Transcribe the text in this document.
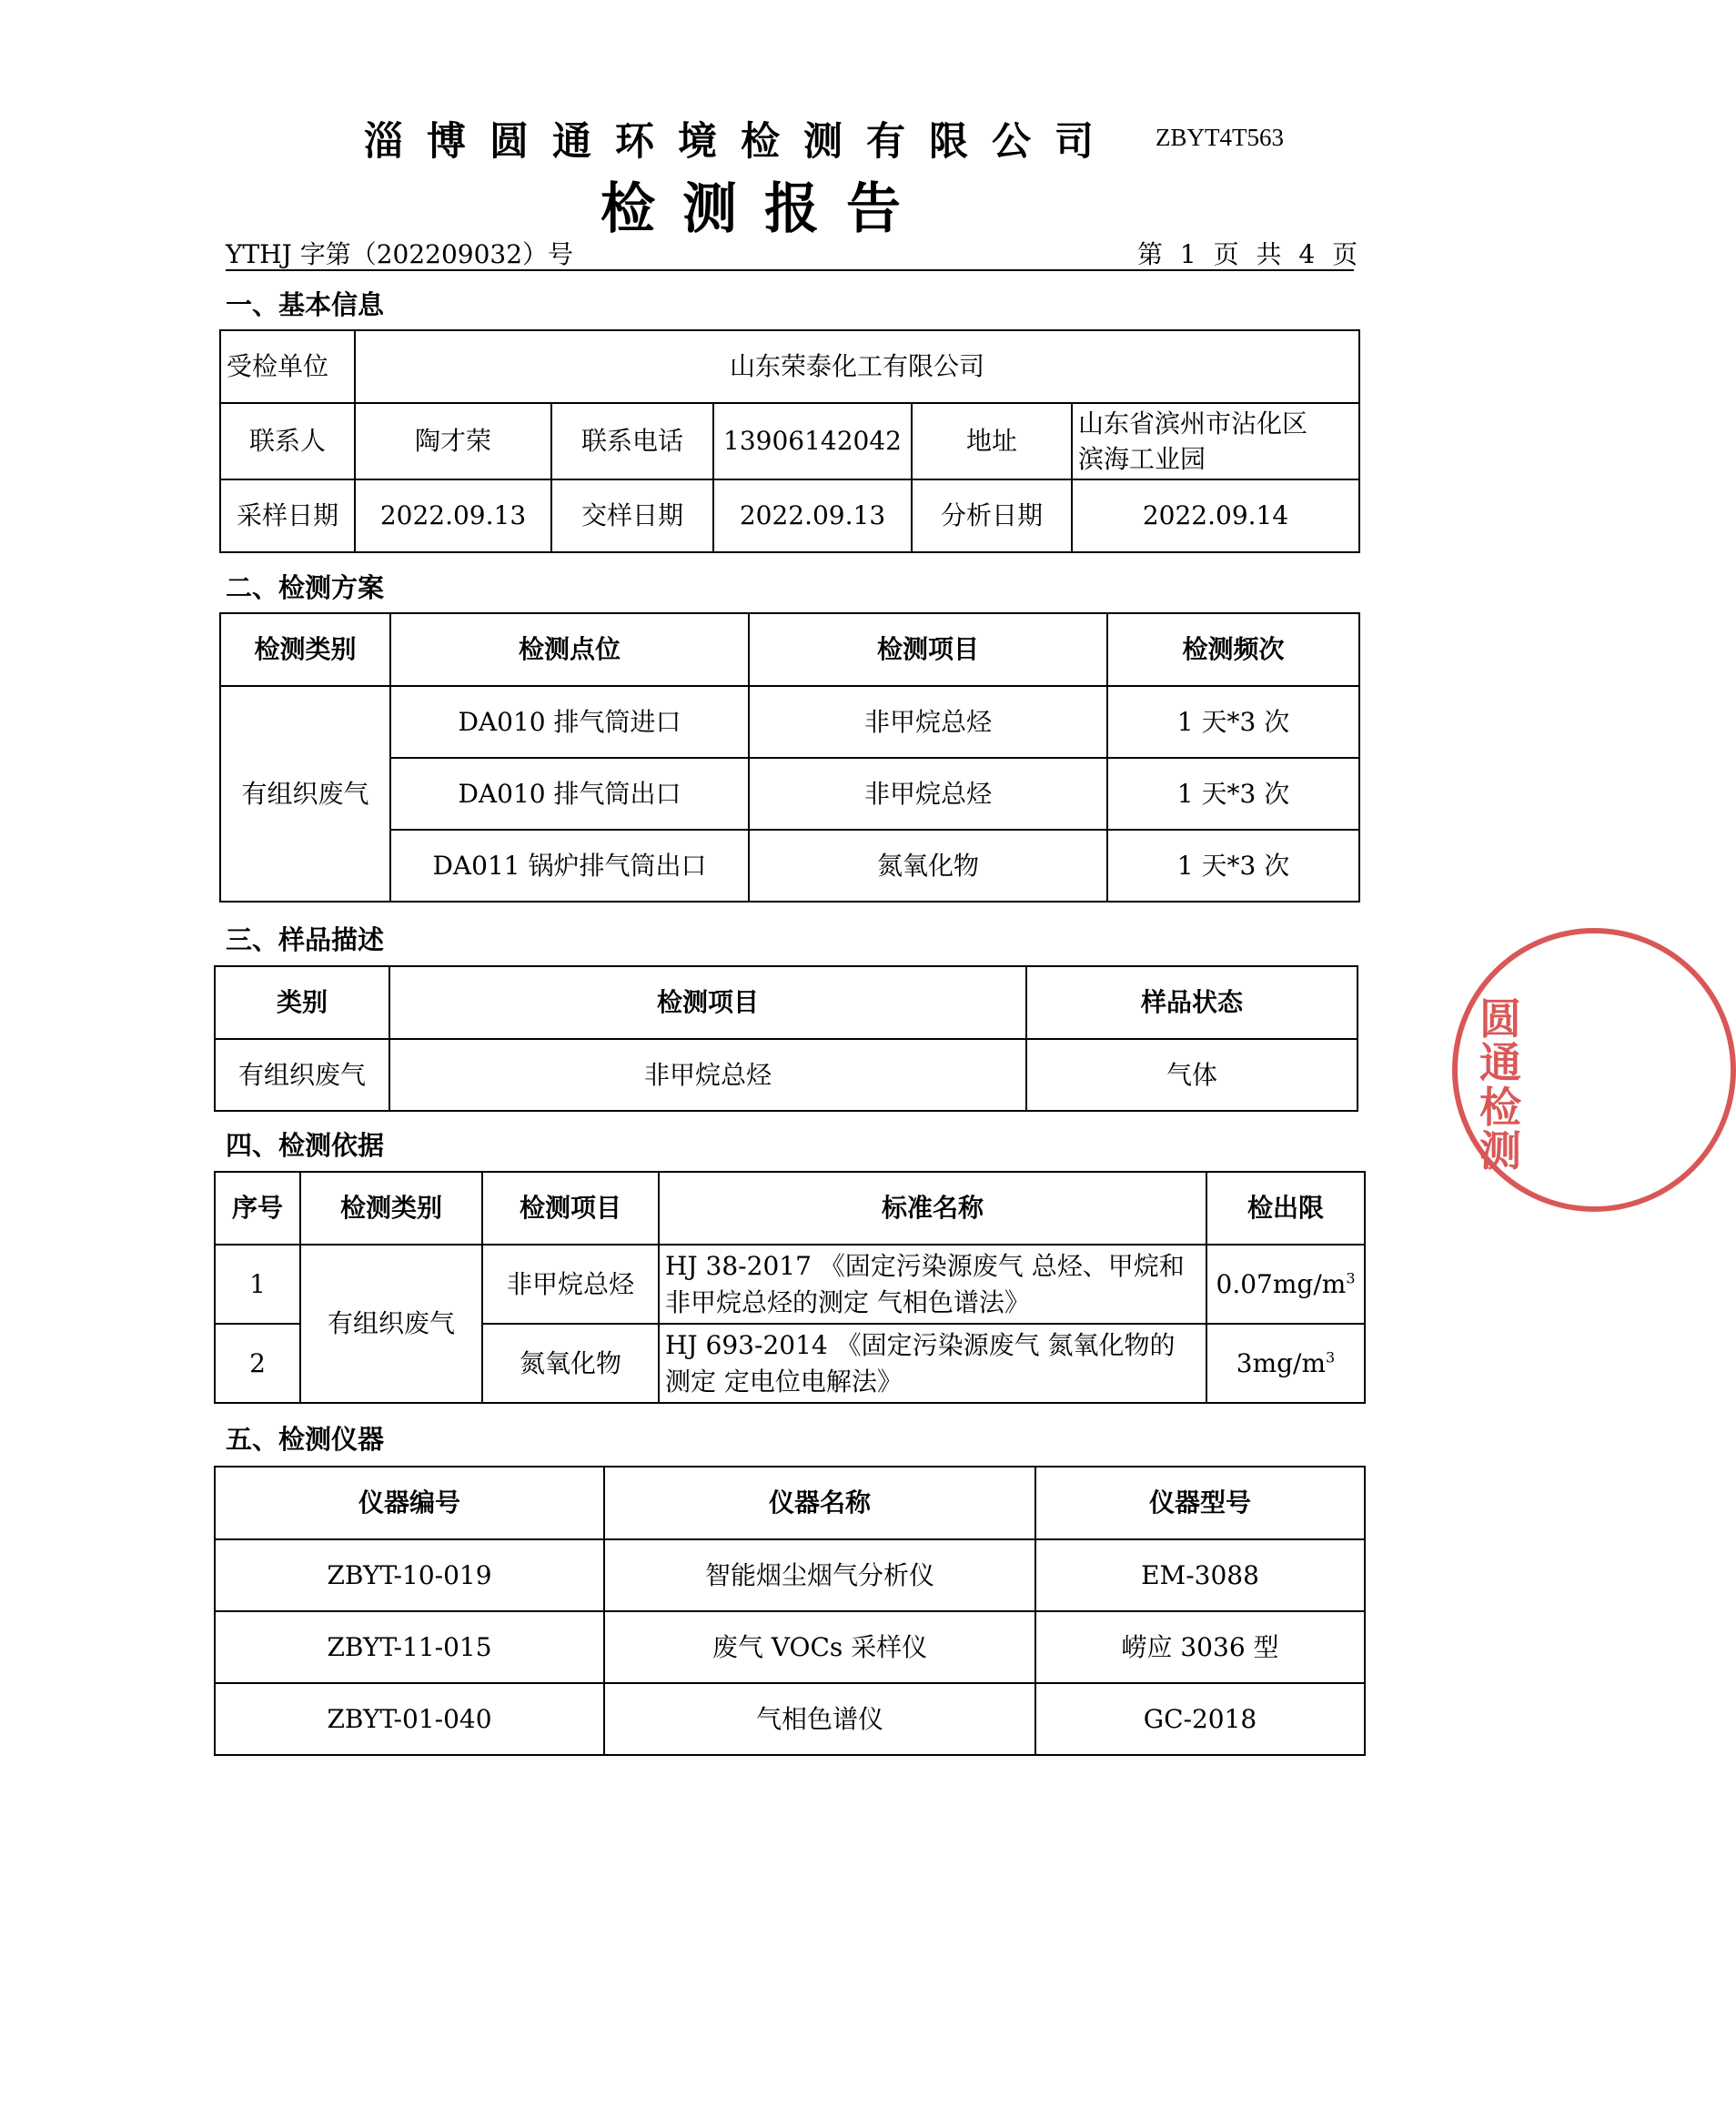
淄博圆通环境检测有限公司 ZBYT4T563
检测报告
YTHJ 字第（202209032）号	第 1 页 共 4 页
一、基本信息
受检单位	山东荣泰化工有限公司				
联系人	陶才荣	联系电话	13906142042	地址	山东省滨州市沾化区
滨海工业园

采样日期	2022.09.13	交样日期	2022.09.13	分析日期	2022.09.14
二、检测方案
检测类别	检测点位	检测项目	检测频次
有组织废气	DA010 排气筒进口	非甲烷总烃	1 天*3 次
	DA010 排气筒出口	非甲烷总烃	1 天*3 次
	DA011 锅炉排气筒出口	氮氧化物	1 天*3 次
三、样品描述
类别	检测项目	样品状态
有组织废气	非甲烷总烃	气体
四、检测依据
序号	检测类别	检测项目	标准名称	检出限
1	有组织废气	非甲烷总烃	HJ 38-2017 《固定污染源废气 总烃、甲烷和
非甲烷总烃的测定 气相色谱法》	$0.07mg/m^3$
2		氮氧化物	HJ 693-2014 《固定污染源废气 氮氧化物的
测定 定电位电解法》	$3mg/m^3$
五、检测仪器
仪器编号	仪器名称	仪器型号
ZBYT-10-019	智能烟尘烟气分析仪	EM-3088
ZBYT-11-015	废气 VOCs 采样仪	崂应 3036 型
ZBYT-01-040	气相色谱仪	GC-2018
圆通检测
